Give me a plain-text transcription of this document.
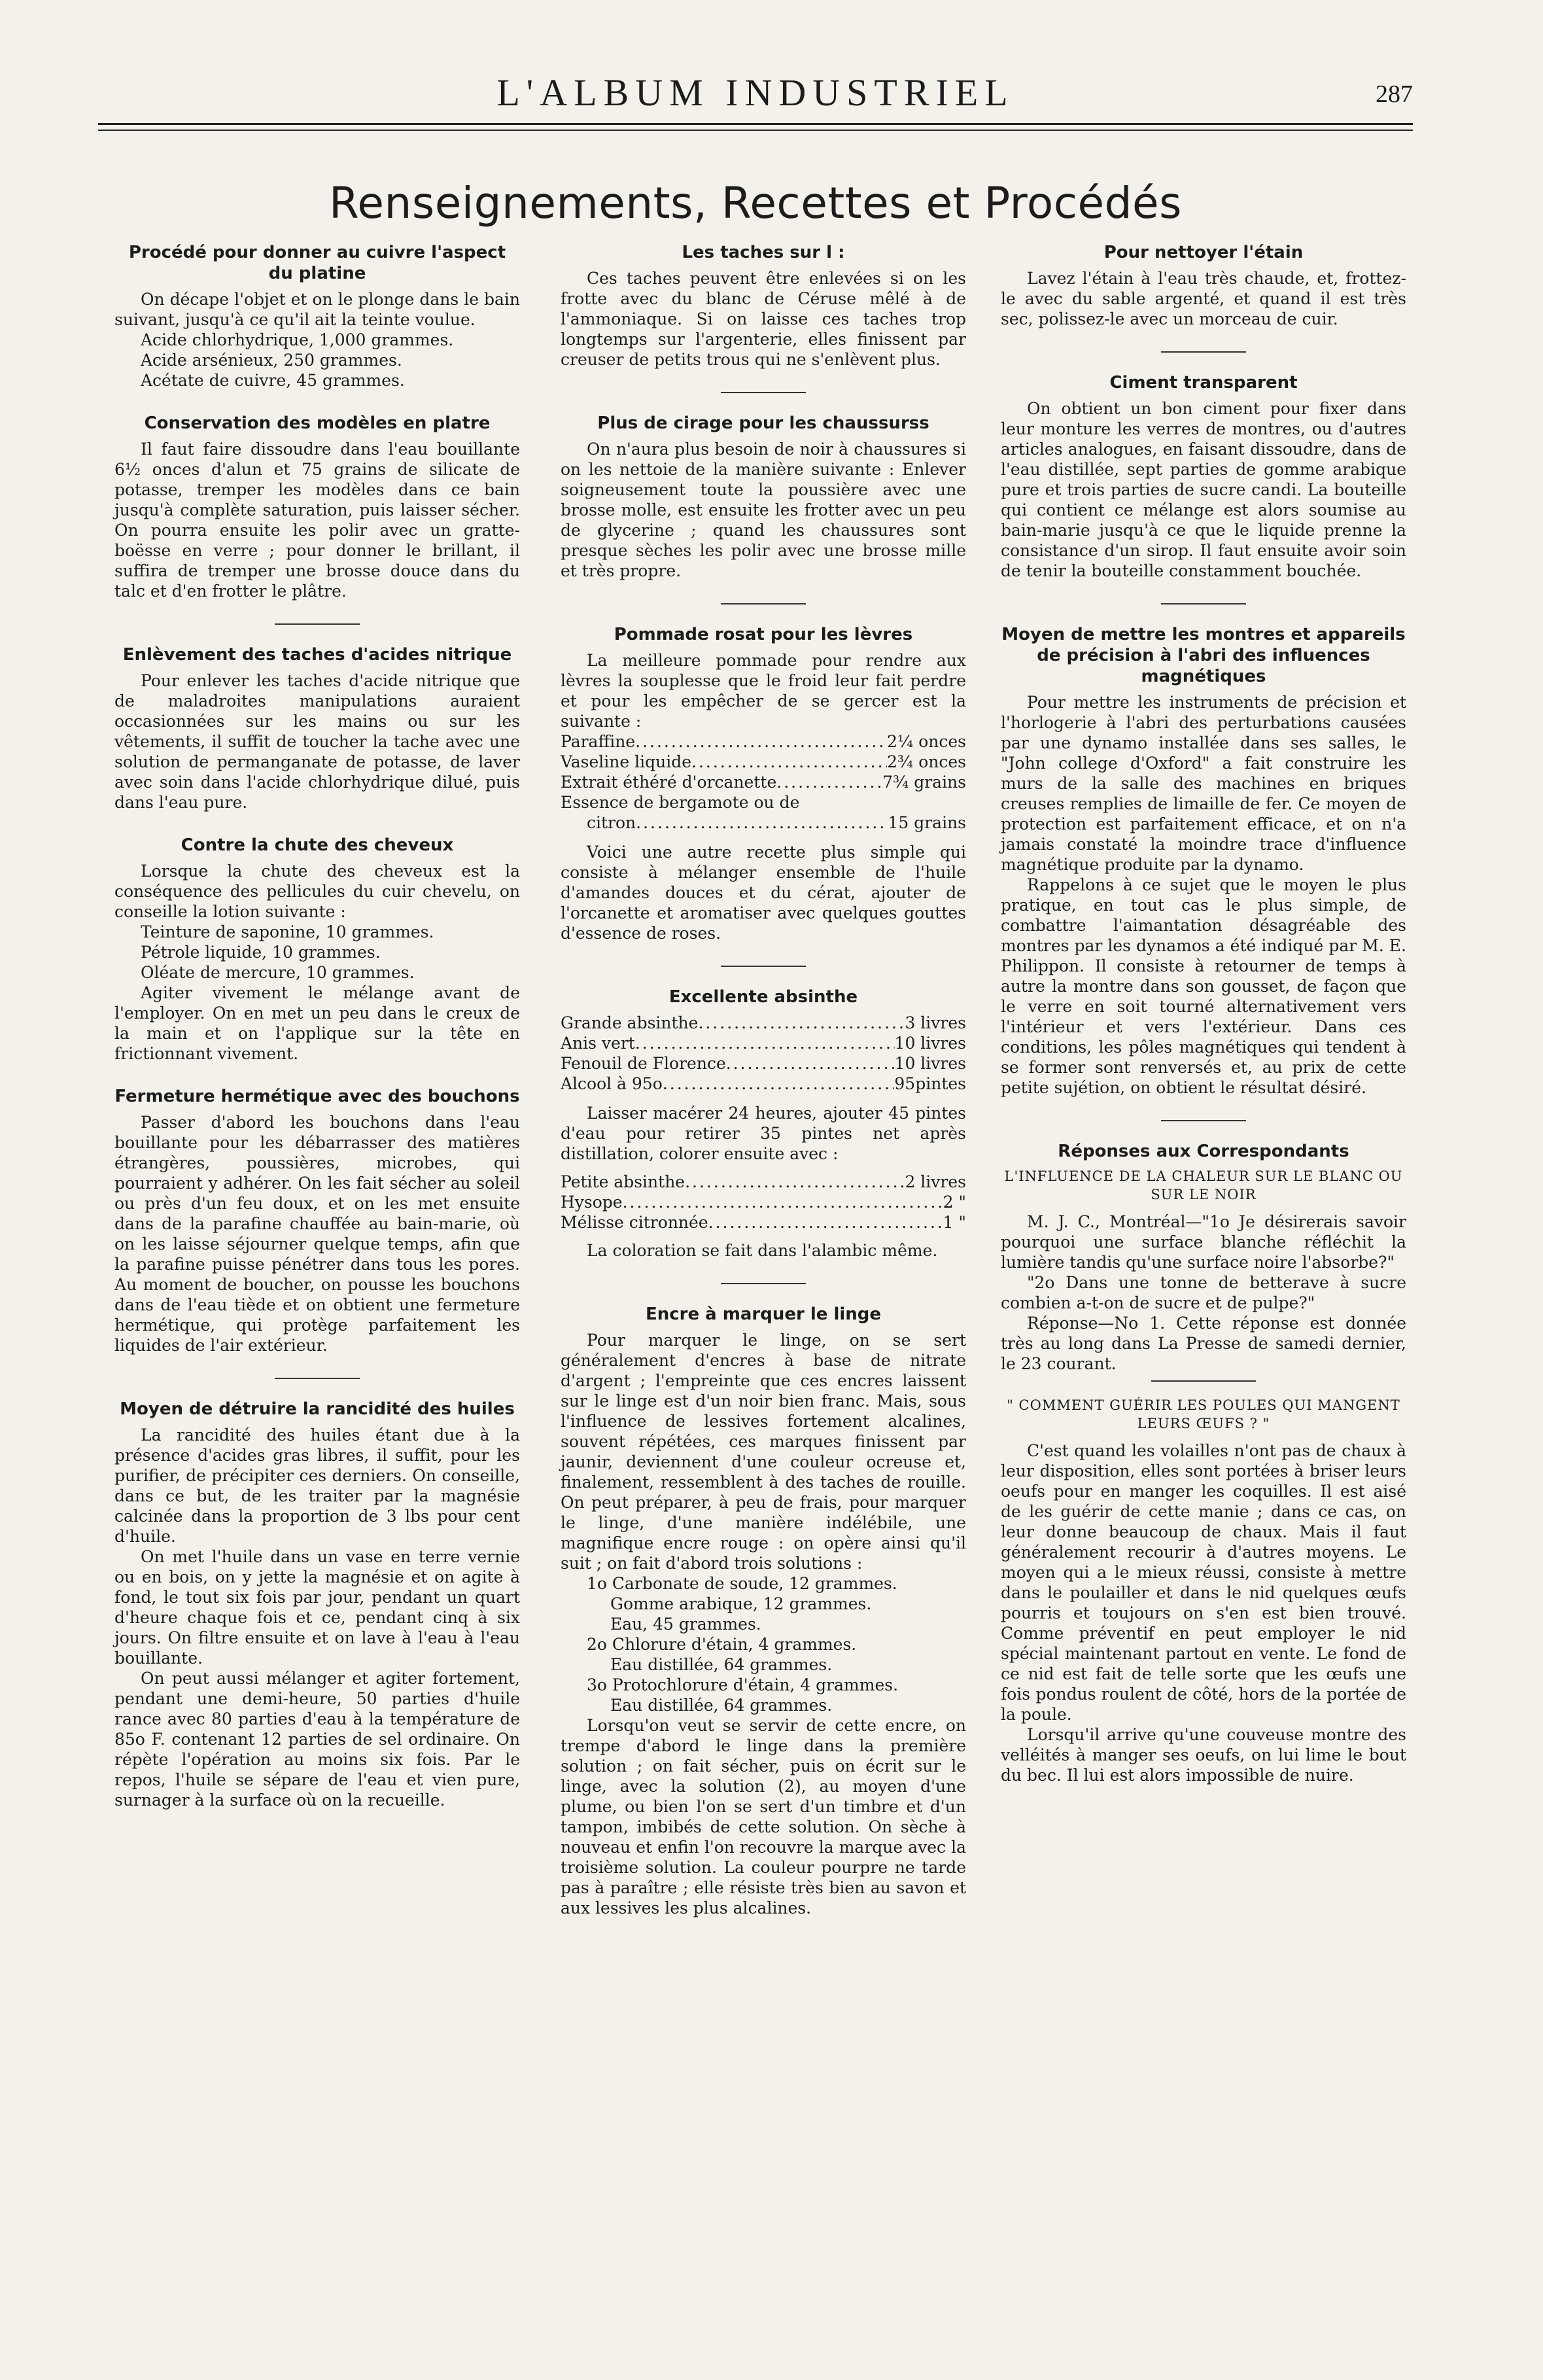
L'ALBUM INDUSTRIEL	287
Renseignements, Recettes et Procédés
Procédé pour donner au cuivre l'aspect du platine

On décape l'objet et on le plonge dans le bain suivant, jusqu'à ce qu'il ait la teinte voulue.

Acide chlorhydrique, 1,000 grammes.
Acide arsénieux, 250 grammes.
Acétate de cuivre, 45 grammes.
Conservation des modèles en platre

Il faut faire dissoudre dans l'eau bouillante 6½ onces d'alun et 75 grains de silicate de potasse, tremper les modèles dans ce bain jusqu'à complète saturation, puis laisser sécher. On pourra ensuite les polir avec un gratte-boësse en verre ; pour donner le brillant, il suffira de tremper une brosse douce dans du talc et d'en frotter le plâtre.

Enlèvement des taches d'acides nitrique

Pour enlever les taches d'acide nitrique que de maladroites manipulations auraient occasionnées sur les mains ou sur les vêtements, il suffit de toucher la tache avec une solution de permanganate de potasse, de laver avec soin dans l'acide chlorhydrique dilué, puis dans l'eau pure.

Contre la chute des cheveux

Lorsque la chute des cheveux est la conséquence des pellicules du cuir chevelu, on conseille la lotion suivante :

Teinture de saponine, 10 grammes.
Pétrole liquide, 10 grammes.
Oléate de mercure, 10 grammes.

Agiter vivement le mélange avant de l'employer. On en met un peu dans le creux de la main et on l'applique sur la tête en frictionnant vivement.

Fermeture hermétique avec des bouchons

Passer d'abord les bouchons dans l'eau bouillante pour les débarrasser des matières étrangères, poussières, microbes, qui pourraient y adhérer. On les fait sécher au soleil ou près d'un feu doux, et on les met ensuite dans de la parafine chauffée au bain-marie, où on les laisse séjourner quelque temps, afin que la parafine puisse pénétrer dans tous les pores. Au moment de boucher, on pousse les bouchons dans de l'eau tiède et on obtient une fermeture hermétique, qui protège parfaitement les liquides de l'air extérieur.

Moyen de détruire la rancidité des huiles

La rancidité des huiles étant due à la présence d'acides gras libres, il suffit, pour les purifier, de précipiter ces derniers. On conseille, dans ce but, de les traiter par la magnésie calcinée dans la proportion de 3 lbs pour cent d'huile.

On met l'huile dans un vase en terre vernie ou en bois, on y jette la magnésie et on agite à fond, le tout six fois par jour, pendant un quart d'heure chaque fois et ce, pendant cinq à six jours. On filtre ensuite et on lave à l'eau à l'eau bouillante.

On peut aussi mélanger et agiter fortement, pendant une demi-heure, 50 parties d'huile rance avec 80 parties d'eau à la température de 85o F. contenant 12 parties de sel ordinaire. On répète l'opération au moins six fois. Par le repos, l'huile se sépare de l'eau et vien pure, surnager à la surface où on la recueille.

Les taches sur l :

Ces taches peuvent être enlevées si on les frotte avec du blanc de Céruse mêlé à de l'ammoniaque. Si on laisse ces taches trop longtemps sur l'argenterie, elles finissent par creuser de petits trous qui ne s'enlèvent plus.

Plus de cirage pour les chaussurss

On n'aura plus besoin de noir à chaussures si on les nettoie de la manière suivante : Enlever soigneusement toute la poussière avec une brosse molle, est ensuite les frotter avec un peu de glycerine ; quand les chaussures sont presque sèches les polir avec une brosse mille et très propre.

Pommade rosat pour les lèvres

La meilleure pommade pour rendre aux lèvres la souplesse que le froid leur fait perdre et pour les empêcher de se gercer est la suivante :

Paraffine .....	2¼ onces
Vaseline liquide .....	2¾ onces
Extrait éthéré d'orcanette .....	7¾ grains
Essence de bergamote ou de
citron .....	15 grains

Voici une autre recette plus simple qui consiste à mélanger ensemble de l'huile d'amandes douces et du cérat, ajouter de l'orcanette et aromatiser avec quelques gouttes d'essence de roses.

Excellente absinthe
Grande absinthe .....	3 livres
Anis vert .....	10 livres
Fenouil de Florence .....	10 livres
Alcool à 95o .....	95pintes

Laisser macérer 24 heures, ajouter 45 pintes d'eau pour retirer 35 pintes net après distillation, colorer ensuite avec :

Petite absinthe .....	2 livres
Hysope .....	2 "
Mélisse citronnée .....	1 "

La coloration se fait dans l'alambic même.

Encre à marquer le linge

Pour marquer le linge, on se sert généralement d'encres à base de nitrate d'argent ; l'empreinte que ces encres laissent sur le linge est d'un noir bien franc. Mais, sous l'influence de lessives fortement alcalines, souvent répétées, ces marques finissent par jaunir, deviennent d'une couleur ocreuse et, finalement, ressemblent à des taches de rouille. On peut préparer, à peu de frais, pour marquer le linge, d'une manière indélébile, une magnifique encre rouge : on opère ainsi qu'il suit ; on fait d'abord trois solutions :

1o Carbonate de soude, 12 grammes.
Gomme arabique, 12 grammes.
Eau, 45 grammes.
2o Chlorure d'étain, 4 grammes.
Eau distillée, 64 grammes.
3o Protochlorure d'étain, 4 grammes.
Eau distillée, 64 grammes.

Lorsqu'on veut se servir de cette encre, on trempe d'abord le linge dans la première solution ; on fait sécher, puis on écrit sur le linge, avec la solution (2), au moyen d'une plume, ou bien l'on se sert d'un timbre et d'un tampon, imbibés de cette solution. On sèche à nouveau et enfin l'on recouvre la marque avec la troisième solution. La couleur pourpre ne tarde pas à paraître ; elle résiste très bien au savon et aux lessives les plus alcalines.

Pour nettoyer l'étain

Lavez l'étain à l'eau très chaude, et, frottez-le avec du sable argenté, et quand il est très sec, polissez-le avec un morceau de cuir.

Ciment transparent

On obtient un bon ciment pour fixer dans leur monture les verres de montres, ou d'autres articles analogues, en faisant dissoudre, dans de l'eau distillée, sept parties de gomme arabique pure et trois parties de sucre candi. La bouteille qui contient ce mélange est alors soumise au bain-marie jusqu'à ce que le liquide prenne la consistance d'un sirop. Il faut ensuite avoir soin de tenir la bouteille constamment bouchée.

Moyen de mettre les montres et appareils de précision à l'abri des influences magnétiques

Pour mettre les instruments de précision et l'horlogerie à l'abri des perturbations causées par une dynamo installée dans ses salles, le "John college d'Oxford" a fait construire les murs de la salle des machines en briques creuses remplies de limaille de fer. Ce moyen de protection est parfaitement efficace, et on n'a jamais constaté la moindre trace d'influence magnétique produite par la dynamo.

Rappelons à ce sujet que le moyen le plus pratique, en tout cas le plus simple, de combattre l'aimantation désagréable des montres par les dynamos a été indiqué par M. E. Philippon. Il consiste à retourner de temps à autre la montre dans son gousset, de façon que le verre en soit tourné alternativement vers l'intérieur et vers l'extérieur. Dans ces conditions, les pôles magnétiques qui tendent à se former sont renversés et, au prix de cette petite sujétion, on obtient le résultat désiré.

Réponses aux Correspondants
L'INFLUENCE DE LA CHALEUR SUR LE BLANC OU SUR LE NOIR

M. J. C., Montréal—"1o Je désirerais savoir pourquoi une surface blanche réfléchit la lumière tandis qu'une surface noire l'absorbe?"

"2o Dans une tonne de betterave à sucre combien a-t-on de sucre et de pulpe?"

Réponse—No 1. Cette réponse est donnée très au long dans La Presse de samedi dernier, le 23 courant.

" COMMENT GUÉRIR LES POULES QUI MANGENT LEURS ŒUFS ? "

C'est quand les volailles n'ont pas de chaux à leur disposition, elles sont portées à briser leurs oeufs pour en manger les coquilles. Il est aisé de les guérir de cette manie ; dans ce cas, on leur donne beaucoup de chaux. Mais il faut généralement recourir à d'autres moyens. Le moyen qui a le mieux réussi, consiste à mettre dans le poulailler et dans le nid quelques œufs pourris et toujours on s'en est bien trouvé. Comme préventif en peut employer le nid spécial maintenant partout en vente. Le fond de ce nid est fait de telle sorte que les œufs une fois pondus roulent de côté, hors de la portée de la poule.

Lorsqu'il arrive qu'une couveuse montre des velléités à manger ses oeufs, on lui lime le bout du bec. Il lui est alors impossible de nuire.
